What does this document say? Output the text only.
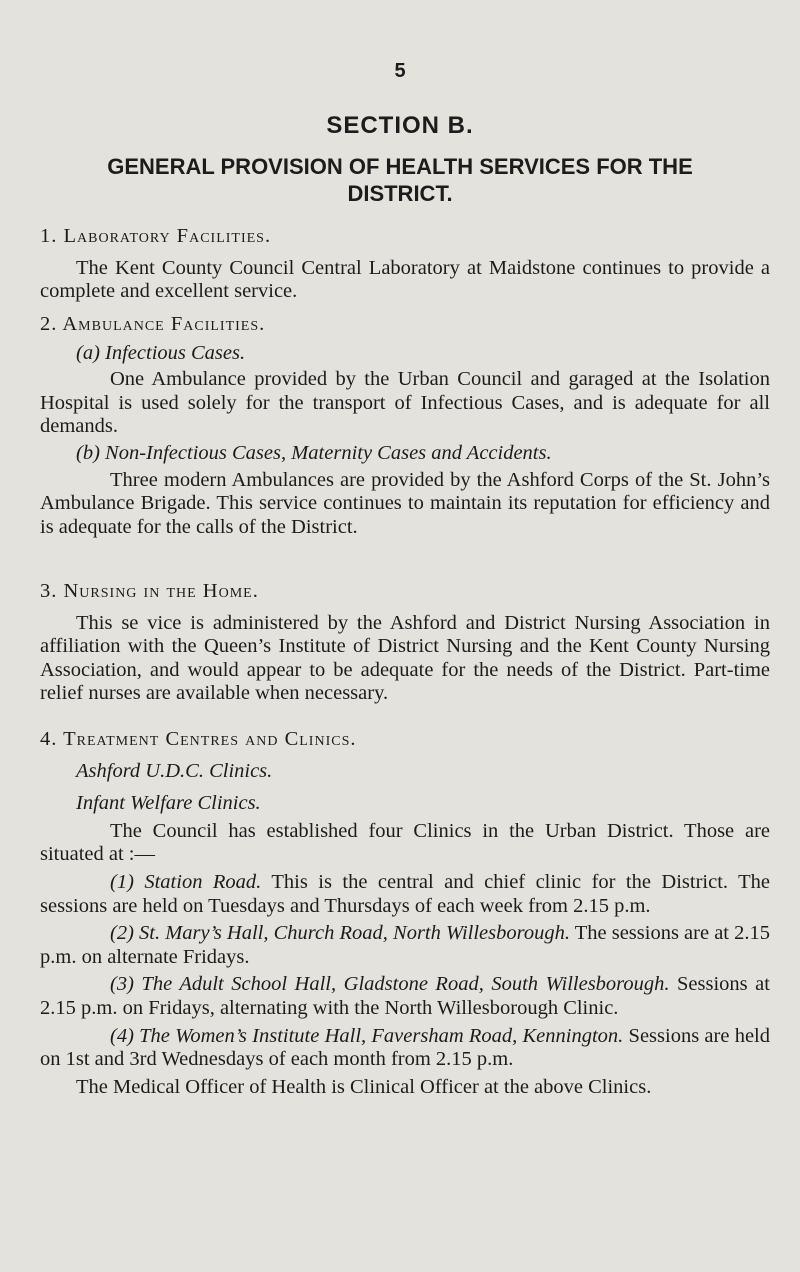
5
SECTION B.
GENERAL PROVISION OF HEALTH SERVICES FOR THE
DISTRICT.

1. Laboratory Facilities.

The Kent County Council Central Laboratory at Maidstone continues to provide a complete and excellent service.

2. Ambulance Facilities.

(a) Infectious Cases.

One Ambulance provided by the Urban Council and garaged at the Isolation Hospital is used solely for the transport of Infectious Cases, and is adequate for all demands.

(b) Non-Infectious Cases, Maternity Cases and Accidents.

Three modern Ambulances are provided by the Ashford Corps of the St. John’s Ambulance Brigade. This service continues to maintain its reputation for efficiency and is adequate for the calls of the District.

3. Nursing in the Home.

This se vice is administered by the Ashford and District Nursing Association in affiliation with the Queen’s Institute of District Nursing and the Kent County Nursing Association, and would appear to be adequate for the needs of the District. Part-time relief nurses are available when necessary.

4. Treatment Centres and Clinics.

Ashford U.D.C. Clinics.

Infant Welfare Clinics.

The Council has established four Clinics in the Urban District. Those are situated at :—

(1) Station Road. This is the central and chief clinic for the District. The sessions are held on Tuesdays and Thursdays of each week from 2.15 p.m.

(2) St. Mary’s Hall, Church Road, North Willesborough. The sessions are at 2.15 p.m. on alternate Fridays.

(3) The Adult School Hall, Gladstone Road, South Willesborough. Sessions at 2.15 p.m. on Fridays, alternating with the North Willesborough Clinic.

(4) The Women’s Institute Hall, Faversham Road, Kennington. Sessions are held on 1st and 3rd Wednesdays of each month from 2.15 p.m.

The Medical Officer of Health is Clinical Officer at the above Clinics.
